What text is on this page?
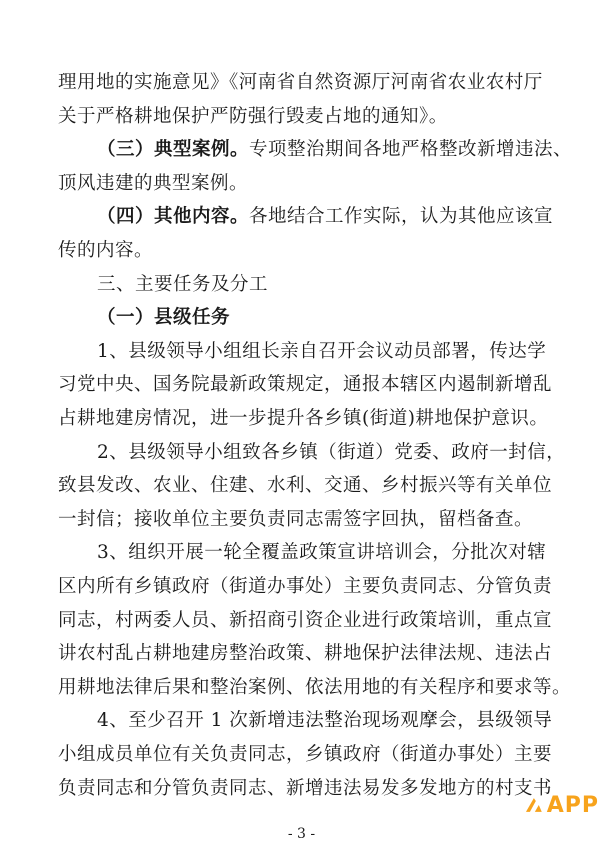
理用地的实施意见》《河南省自然资源厅河南省农业农村厅
关于严格耕地保护严防强行毁麦占地的通知》。
（三）典型案例。专项整治期间各地严格整改新增违法、
顶风违建的典型案例。
（四）其他内容。各地结合工作实际，认为其他应该宣
传的内容。
三、主要任务及分工
（一）县级任务
1、县级领导小组组长亲自召开会议动员部署，传达学
习党中央、国务院最新政策规定，通报本辖区内遏制新增乱
占耕地建房情况，进一步提升各乡镇(街道)耕地保护意识。
2、县级领导小组致各乡镇（街道）党委、政府一封信，
致县发改、农业、住建、水利、交通、乡村振兴等有关单位
一封信；接收单位主要负责同志需签字回执，留档备查。
3、组织开展一轮全覆盖政策宣讲培训会，分批次对辖
区内所有乡镇政府（街道办事处）主要负责同志、分管负责
同志，村两委人员、新招商引资企业进行政策培训，重点宣
讲农村乱占耕地建房整治政策、耕地保护法律法规、违法占
用耕地法律后果和整治案例、依法用地的有关程序和要求等。
4、至少召开 1 次新增违法整治现场观摩会，县级领导
小组成员单位有关负责同志，乡镇政府（街道办事处）主要
负责同志和分管负责同志、新增违法易发多发地方的村支书
- 3 -
APP
